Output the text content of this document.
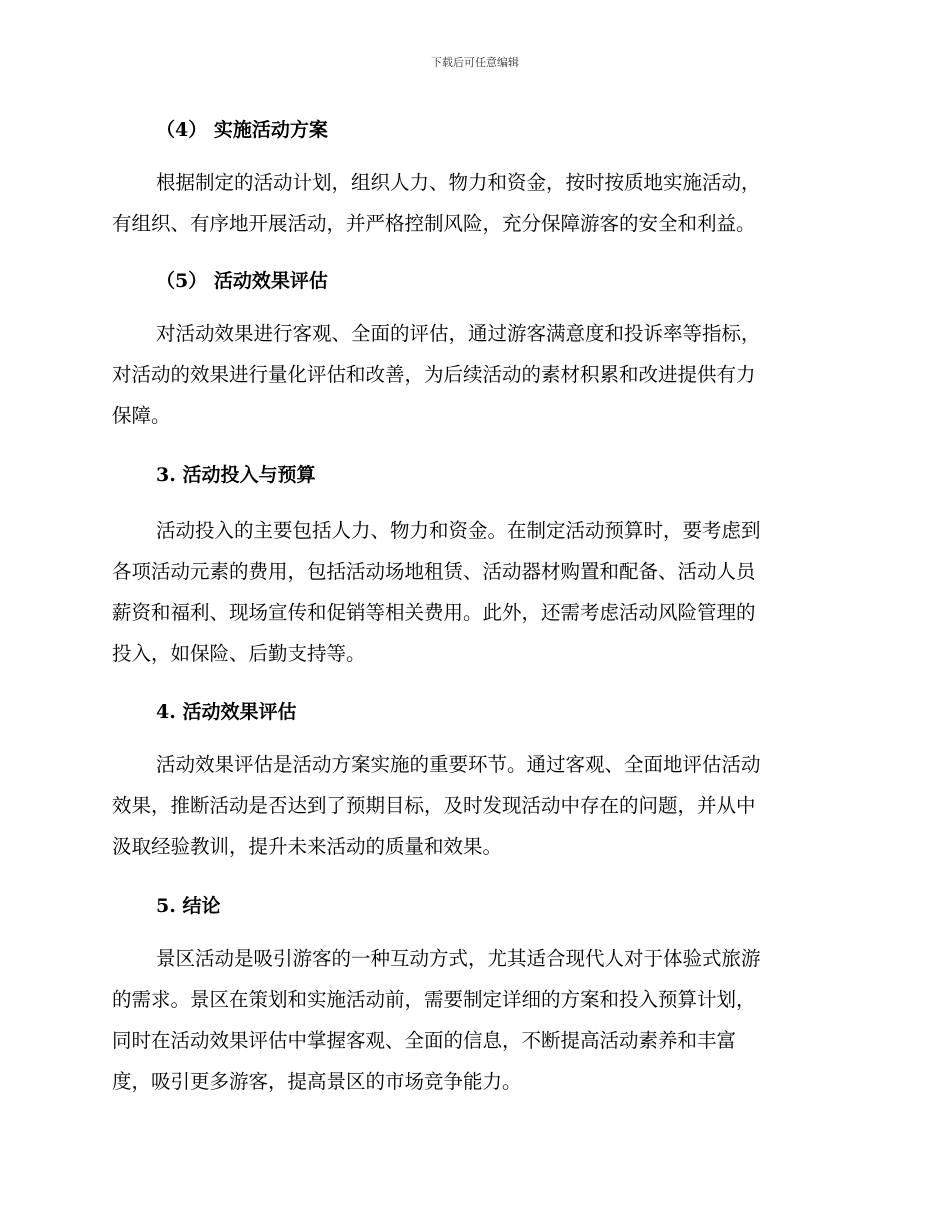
下载后可任意编辑
（4） 实施活动方案
根据制定的活动计划，组织人力、物力和资金，按时按质地实施活动，
有组织、有序地开展活动，并严格控制风险，充分保障游客的安全和利益。
（5） 活动效果评估
对活动效果进行客观、全面的评估，通过游客满意度和投诉率等指标，
对活动的效果进行量化评估和改善，为后续活动的素材积累和改进提供有力
保障。
3. 活动投入与预算
活动投入的主要包括人力、物力和资金。在制定活动预算时，要考虑到
各项活动元素的费用，包括活动场地租赁、活动器材购置和配备、活动人员
薪资和福利、现场宣传和促销等相关费用。此外，还需考虑活动风险管理的
投入，如保险、后勤支持等。
4. 活动效果评估
活动效果评估是活动方案实施的重要环节。通过客观、全面地评估活动
效果，推断活动是否达到了预期目标，及时发现活动中存在的问题，并从中
汲取经验教训，提升未来活动的质量和效果。
5. 结论
景区活动是吸引游客的一种互动方式，尤其适合现代人对于体验式旅游
的需求。景区在策划和实施活动前，需要制定详细的方案和投入预算计划，
同时在活动效果评估中掌握客观、全面的信息，不断提高活动素养和丰富
度，吸引更多游客，提高景区的市场竞争能力。
